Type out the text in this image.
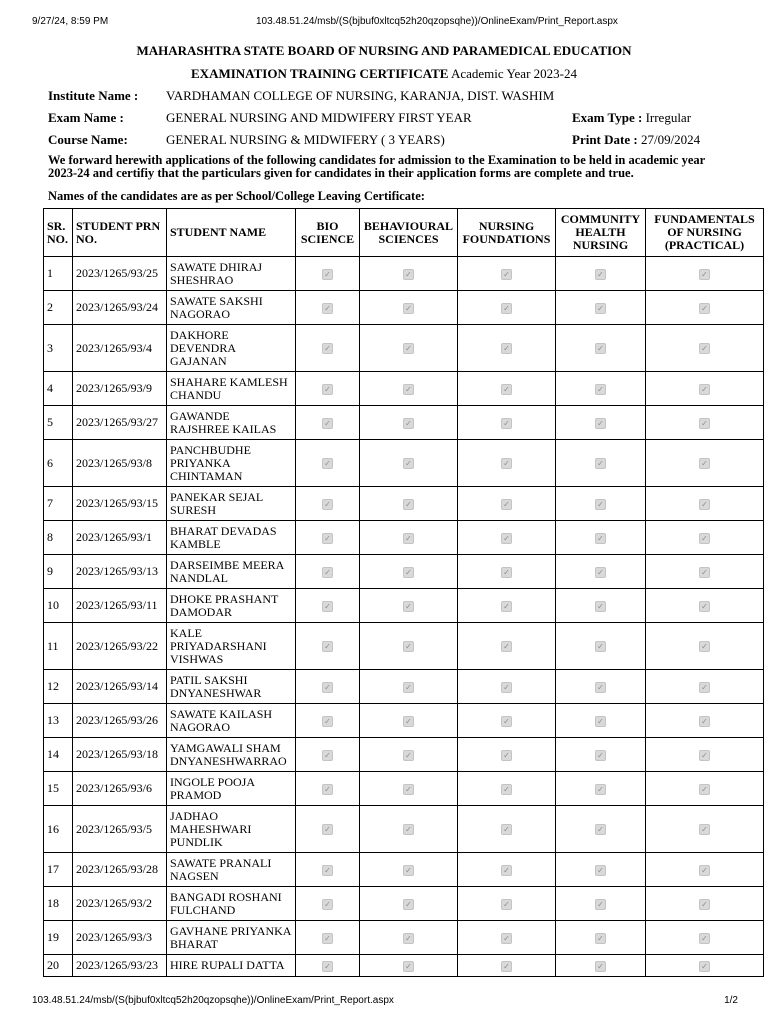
9/27/24, 8:59 PM	103.48.51.24/msb/(S(bjbuf0xltcq52h20qzopsqhe))/OnlineExam/Print_Report.aspx
MAHARASHTRA STATE BOARD OF NURSING AND PARAMEDICAL EDUCATION
EXAMINATION TRAINING CERTIFICATE Academic Year 2023-24
Institute Name : VARDHAMAN COLLEGE OF NURSING, KARANJA, DIST. WASHIM
Exam Name :	GENERAL NURSING AND MIDWIFERY FIRST YEAR
Course Name:	GENERAL NURSING & MIDWIFERY ( 3 YEARS)
Exam Type : Irregular
Print Date : 27/09/2024
We forward herewith applications of the following candidates for admission to the Examination to be held in academic year 2023-24 and certifiy that the particulars given for candidates in their application forms are complete and true.
Names of the candidates are as per School/College Leaving Certificate:
SR. NO.	STUDENT PRN NO.	STUDENT NAME	BIO SCIENCE	BEHAVIOURAL SCIENCES	NURSING FOUNDATIONS	COMMUNITY HEALTH NURSING	FUNDAMENTALS OF NURSING (PRACTICAL)
1	2023/1265/93/25	SAWATE DHIRAJ SHESHRAO	✓	✓	✓	✓	✓
2	2023/1265/93/24	SAWATE SAKSHI NAGORAO	✓	✓	✓	✓	✓
3	2023/1265/93/4	DAKHORE DEVENDRA GAJANAN	✓	✓	✓	✓	✓
4	2023/1265/93/9	SHAHARE KAMLESH CHANDU	✓	✓	✓	✓	✓
5	2023/1265/93/27	GAWANDE RAJSHREE KAILAS	✓	✓	✓	✓	✓
6	2023/1265/93/8	PANCHBUDHE PRIYANKA CHINTAMAN	✓	✓	✓	✓	✓
7	2023/1265/93/15	PANEKAR SEJAL SURESH	✓	✓	✓	✓	✓
8	2023/1265/93/1	BHARAT DEVADAS KAMBLE	✓	✓	✓	✓	✓
9	2023/1265/93/13	DARSEIMBE MEERA NANDLAL	✓	✓	✓	✓	✓
10	2023/1265/93/11	DHOKE PRASHANT DAMODAR	✓	✓	✓	✓	✓
11	2023/1265/93/22	KALE PRIYADARSHANI VISHWAS	✓	✓	✓	✓	✓
12	2023/1265/93/14	PATIL SAKSHI DNYANESHWAR	✓	✓	✓	✓	✓
13	2023/1265/93/26	SAWATE KAILASH NAGORAO	✓	✓	✓	✓	✓
14	2023/1265/93/18	YAMGAWALI SHAM DNYANESHWARRAO	✓	✓	✓	✓	✓
15	2023/1265/93/6	INGOLE POOJA PRAMOD	✓	✓	✓	✓	✓
16	2023/1265/93/5	JADHAO MAHESHWARI PUNDLIK	✓	✓	✓	✓	✓
17	2023/1265/93/28	SAWATE PRANALI NAGSEN	✓	✓	✓	✓	✓
18	2023/1265/93/2	BANGADI ROSHANI FULCHAND	✓	✓	✓	✓	✓
19	2023/1265/93/3	GAVHANE PRIYANKA BHARAT	✓	✓	✓	✓	✓
20	2023/1265/93/23	HIRE RUPALI DATTA	✓	✓	✓	✓	✓
103.48.51.24/msb/(S(bjbuf0xltcq52h20qzopsqhe))/OnlineExam/Print_Report.aspx	1/2
